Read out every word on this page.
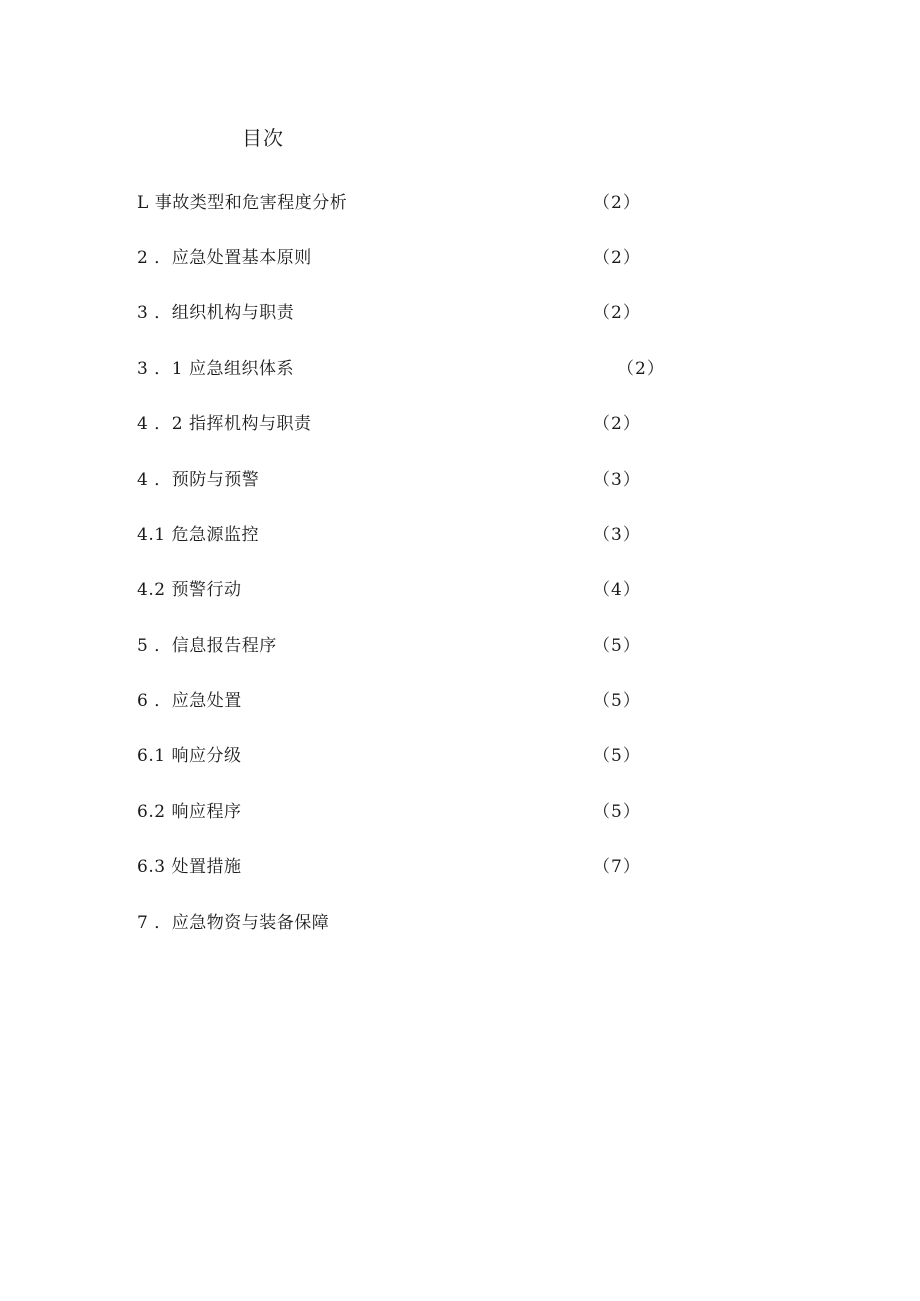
目次
L 事故类型和危害程度分析	（2）
2 ．应急处置基本原则	（2）
3 ．组织机构与职责	（2）
3 ．1 应急组织体系	（2）
4 ．2 指挥机构与职责	（2）
4 ．预防与预警	（3）
4.1 危急源监控	（3）
4.2 预警行动	（4）
5 ．信息报告程序	（5）
6 ．应急处置	（5）
6.1 响应分级	（5）
6.2 响应程序	（5）
6.3 处置措施	（7）
7 ．应急物资与装备保障
